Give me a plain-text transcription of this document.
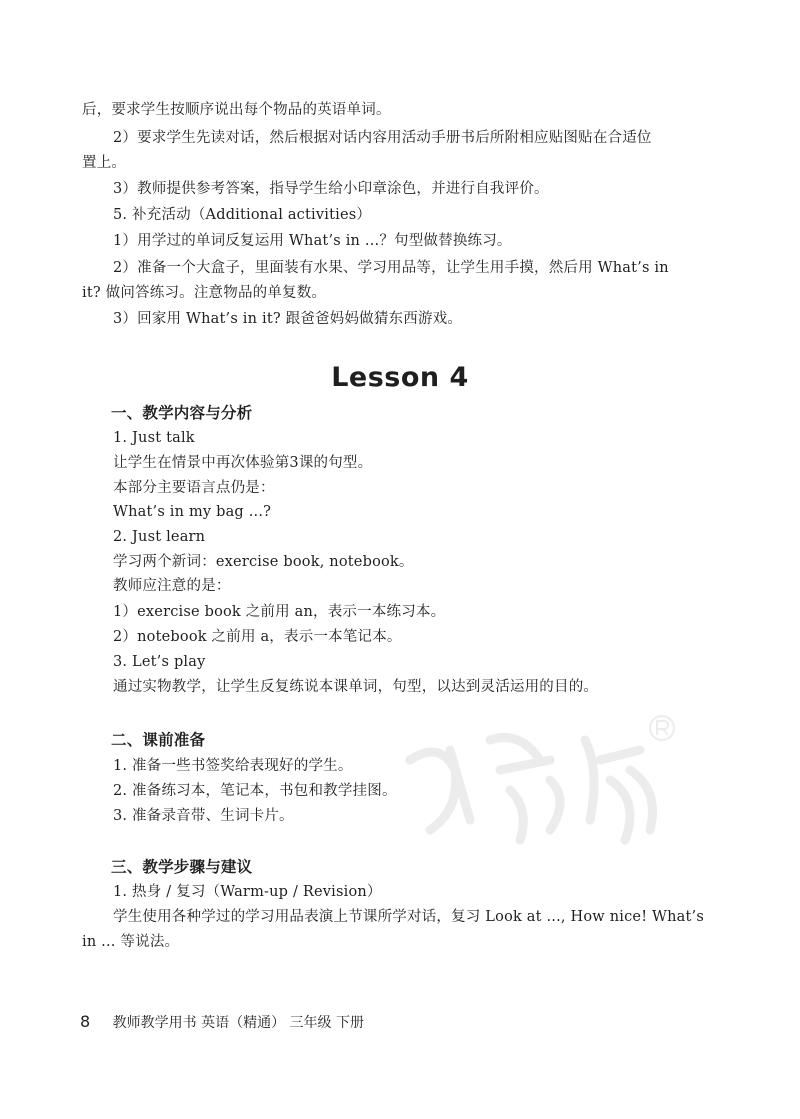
后，要求学生按顺序说出每个物品的英语单词。
2）要求学生先读对话，然后根据对话内容用活动手册书后所附相应贴图贴在合适位
置上。
3）教师提供参考答案，指导学生给小印章涂色，并进行自我评价。
5. 补充活动（Additional activities）
1）用学过的单词反复运用 What’s in ...？句型做替换练习。
2）准备一个大盒子，里面装有水果、学习用品等，让学生用手摸，然后用 What’s in
it? 做问答练习。注意物品的单复数。
3）回家用 What’s in it? 跟爸爸妈妈做猜东西游戏。
Lesson 4
一、教学内容与分析
1. Just talk
让学生在情景中再次体验第3课的句型。
本部分主要语言点仍是：
What’s in my bag ...?
2. Just learn
学习两个新词：exercise book, notebook。
教师应注意的是：
1）exercise book 之前用 an，表示一本练习本。
2）notebook 之前用 a，表示一本笔记本。
3. Let’s play
通过实物教学，让学生反复练说本课单词，句型，以达到灵活运用的目的。
二、课前准备
1. 准备一些书签奖给表现好的学生。
2. 准备练习本，笔记本，书包和教学挂图。
3. 准备录音带、生词卡片。
三、教学步骤与建议
1. 热身 / 复习（Warm-up / Revision）
学生使用各种学过的学习用品表演上节课所学对话，复习 Look at ..., How nice! What’s
in ... 等说法。
8 教师教学用书 英语（精通） 三年级 下册
